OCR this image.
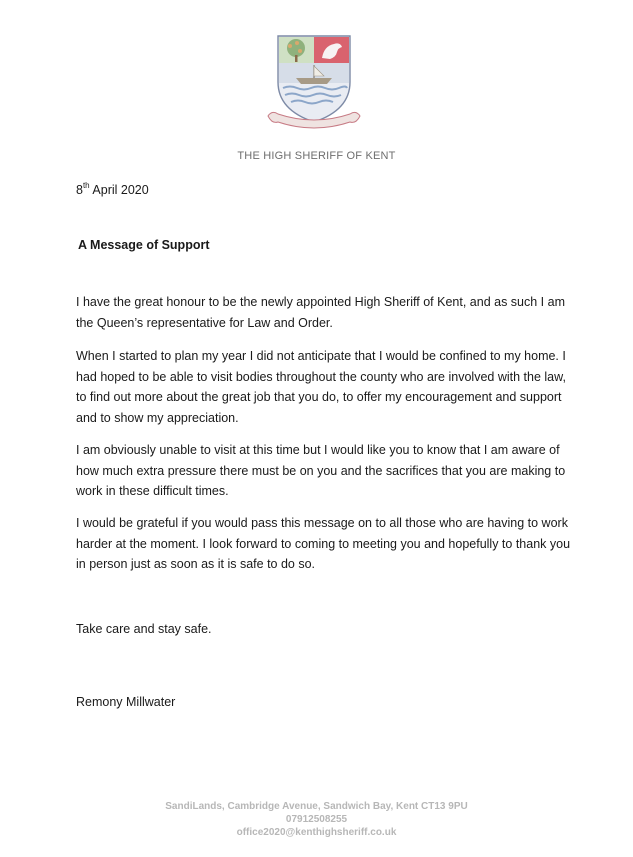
THE HIGH SHERIFF OF KENT
8th April 2020
A Message of Support

I have the great honour to be the newly appointed High Sheriff of Kent, and as such I am the Queen’s representative for Law and Order.

When I started to plan my year I did not anticipate that I would be confined to my home. I had hoped to be able to visit bodies throughout the county who are involved with the law, to find out more about the great job that you do, to offer my encouragement and support and to show my appreciation.

I am obviously unable to visit at this time but I would like you to know that I am aware of how much extra pressure there must be on you and the sacrifices that you are making to work in these difficult times.

I would be grateful if you would pass this message on to all those who are having to work harder at the moment. I look forward to coming to meeting you and hopefully to thank you in person just as soon as it is safe to do so.

Take care and stay safe.
Remony Millwater
SandiLands, Cambridge Avenue, Sandwich Bay, Kent CT13 9PU
07912508255
office2020@kenthighsheriff.co.uk
